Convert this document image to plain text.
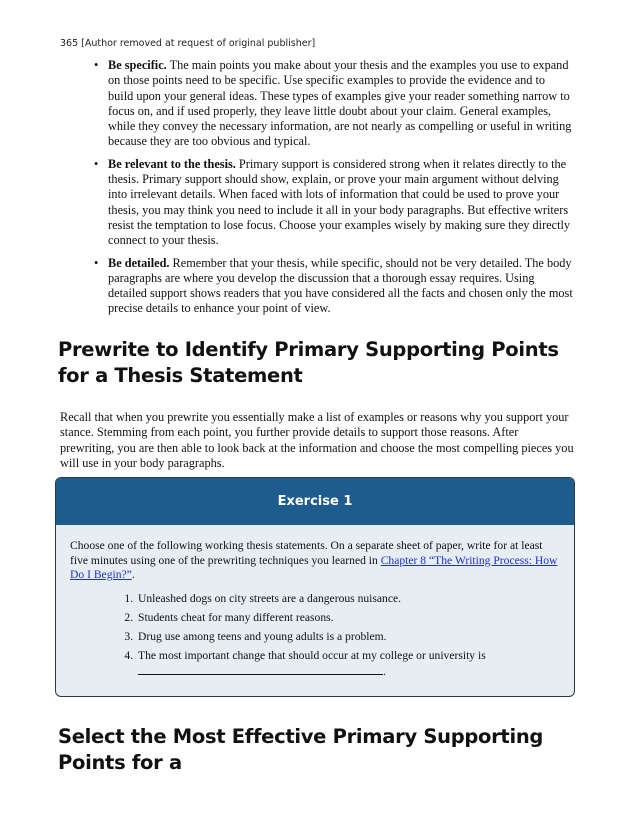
365 [Author removed at request of original publisher]
• Be specific. The main points you make about your thesis and the examples you use to expand on those points need to be specific. Use specific examples to provide the evidence and to build upon your general ideas. These types of examples give your reader something narrow to focus on, and if used properly, they leave little doubt about your claim. General examples, while they convey the necessary information, are not nearly as compelling or useful in writing because they are too obvious and typical.
• Be relevant to the thesis. Primary support is considered strong when it relates directly to the thesis. Primary support should show, explain, or prove your main argument without delving into irrelevant details. When faced with lots of information that could be used to prove your thesis, you may think you need to include it all in your body paragraphs. But effective writers resist the temptation to lose focus. Choose your examples wisely by making sure they directly connect to your thesis.
• Be detailed. Remember that your thesis, while specific, should not be very detailed. The body paragraphs are where you develop the discussion that a thorough essay requires. Using detailed support shows readers that you have considered all the facts and chosen only the most precise details to enhance your point of view.
Prewrite to Identify Primary Supporting Points for a Thesis Statement

Recall that when you prewrite you essentially make a list of examples or reasons why you support your stance. Stemming from each point, you further provide details to support those reasons. After prewriting, you are then able to look back at the information and choose the most compelling pieces you will use in your body paragraphs.

Exercise 1

Choose one of the following working thesis statements. On a separate sheet of paper, write for at least five minutes using one of the prewriting techniques you learned in Chapter 8 “The Writing Process: How Do I Begin?”.

1. Unleashed dogs on city streets are a dangerous nuisance.
2. Students cheat for many different reasons.
3. Drug use among teens and young adults is a problem.
4. The most important change that should occur at my college or university is
.
Select the Most Effective Primary Supporting Points for a
